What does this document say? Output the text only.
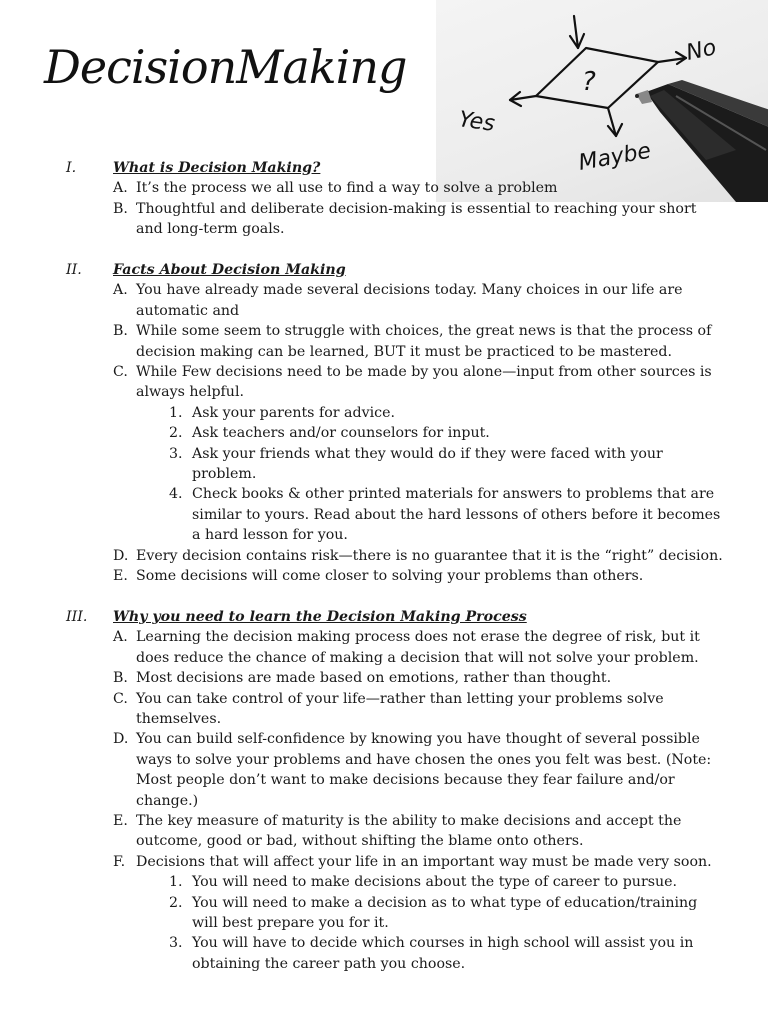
DecisionMaking	?
No
Yes
Maybe
I.	What is Decision Making?
A. It’s the process we all use to find a way to solve a problem
B. Thoughtful and deliberate decision-making is essential to reaching your short and long-term goals.
II.	Facts About Decision Making
A. You have already made several decisions today. Many choices in our life are automatic and
B. While some seem to struggle with choices, the great news is that the process of decision making can be learned, BUT it must be practiced to be mastered.
C. While Few decisions need to be made by you alone—input from other sources is always helpful.
1. Ask your parents for advice.
2. Ask teachers and/or counselors for input.
3. Ask your friends what they would do if they were faced with your problem.
4. Check books & other printed materials for answers to problems that are similar to yours. Read about the hard lessons of others before it becomes a hard lesson for you.
D. Every decision contains risk—there is no guarantee that it is the “right” decision.
E. Some decisions will come closer to solving your problems than others.
III.	Why you need to learn the Decision Making Process
A. Learning the decision making process does not erase the degree of risk, but it does reduce the chance of making a decision that will not solve your problem.
B. Most decisions are made based on emotions, rather than thought.
C. You can take control of your life—rather than letting your problems solve themselves.
D. You can build self-confidence by knowing you have thought of several possible ways to solve your problems and have chosen the ones you felt was best. (Note: Most people don’t want to make decisions because they fear failure and/or change.)
E. The key measure of maturity is the ability to make decisions and accept the outcome, good or bad, without shifting the blame onto others.
F. Decisions that will affect your life in an important way must be made very soon.
1. You will need to make decisions about the type of career to pursue.
2. You will need to make a decision as to what type of education/training will best prepare you for it.
3. You will have to decide which courses in high school will assist you in obtaining the career path you choose.
